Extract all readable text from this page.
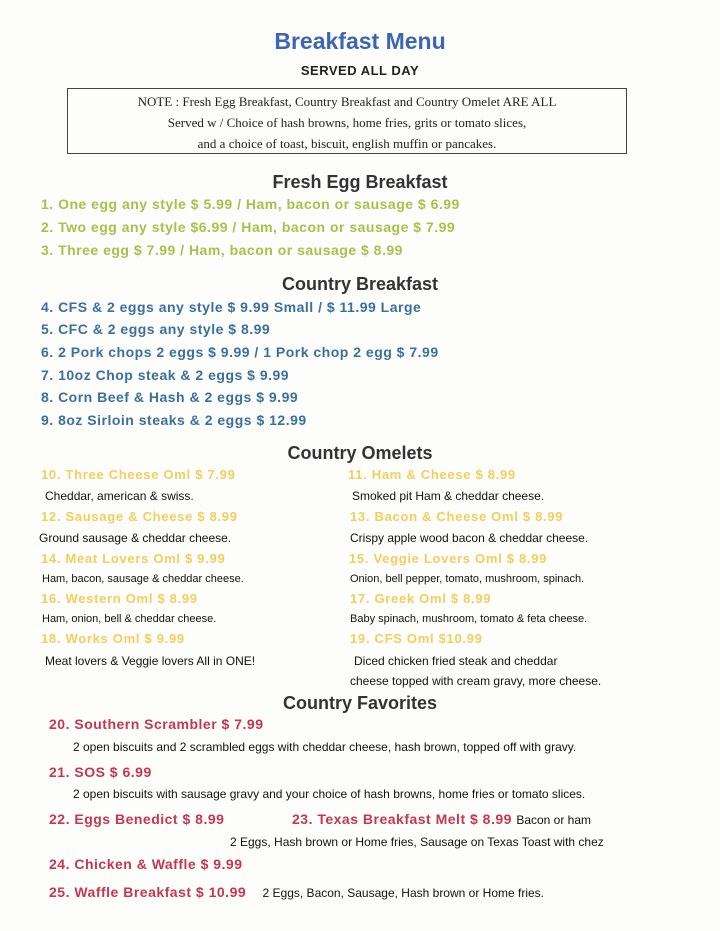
Breakfast Menu
SERVED ALL DAY
NOTE : Fresh Egg Breakfast, Country Breakfast and Country Omelet ARE ALL
Served w / Choice of hash browns, home fries, grits or tomato slices,
and a choice of toast, biscuit, english muffin or pancakes.
Fresh Egg Breakfast
1. One egg any style $ 5.99 / Ham, bacon or sausage $ 6.99
2. Two egg any style $6.99 / Ham, bacon or sausage $ 7.99
3. Three egg $ 7.99 / Ham, bacon or sausage $ 8.99
Country Breakfast
4. CFS & 2 eggs any style $ 9.99 Small / $ 11.99 Large
5. CFC & 2 eggs any style $ 8.99
6. 2 Pork chops 2 eggs $ 9.99 / 1 Pork chop 2 egg $ 7.99
7. 10oz Chop steak & 2 eggs $ 9.99
8. Corn Beef & Hash & 2 eggs $ 9.99
9. 8oz Sirloin steaks & 2 eggs $ 12.99
Country Omelets
10. Three Cheese Oml $ 7.99
Cheddar, american & swiss.
11. Ham & Cheese $ 8.99
Smoked pit Ham & cheddar cheese.
12. Sausage & Cheese $ 8.99
Ground sausage & cheddar cheese.
13. Bacon & Cheese Oml $ 8.99
Crispy apple wood bacon & cheddar cheese.
14. Meat Lovers Oml $ 9.99
Ham, bacon, sausage & cheddar cheese.
15. Veggie Lovers Oml $ 8.99
Onion, bell pepper, tomato, mushroom, spinach.
16. Western Oml $ 8.99
Ham, onion, bell & cheddar cheese.
17. Greek Oml $ 8.99
Baby spinach, mushroom, tomato & feta cheese.
18. Works Oml $ 9.99
Meat lovers & Veggie lovers All in ONE!
19. CFS Oml $10.99
Diced chicken fried steak and cheddar
cheese topped with cream gravy, more cheese.
Country Favorites
20. Southern Scrambler $ 7.99
2 open biscuits and 2 scrambled eggs with cheddar cheese, hash brown, topped off with gravy.
21. SOS $ 6.99
2 open biscuits with sausage gravy and your choice of hash browns, home fries or tomato slices.
22. Eggs Benedict $ 8.99	23. Texas Breakfast Melt $ 8.99 Bacon or ham
2 Eggs, Hash brown or Home fries, Sausage on Texas Toast with chez
24. Chicken & Waffle $ 9.99
25. Waffle Breakfast $ 10.99 2 Eggs, Bacon, Sausage, Hash brown or Home fries.
